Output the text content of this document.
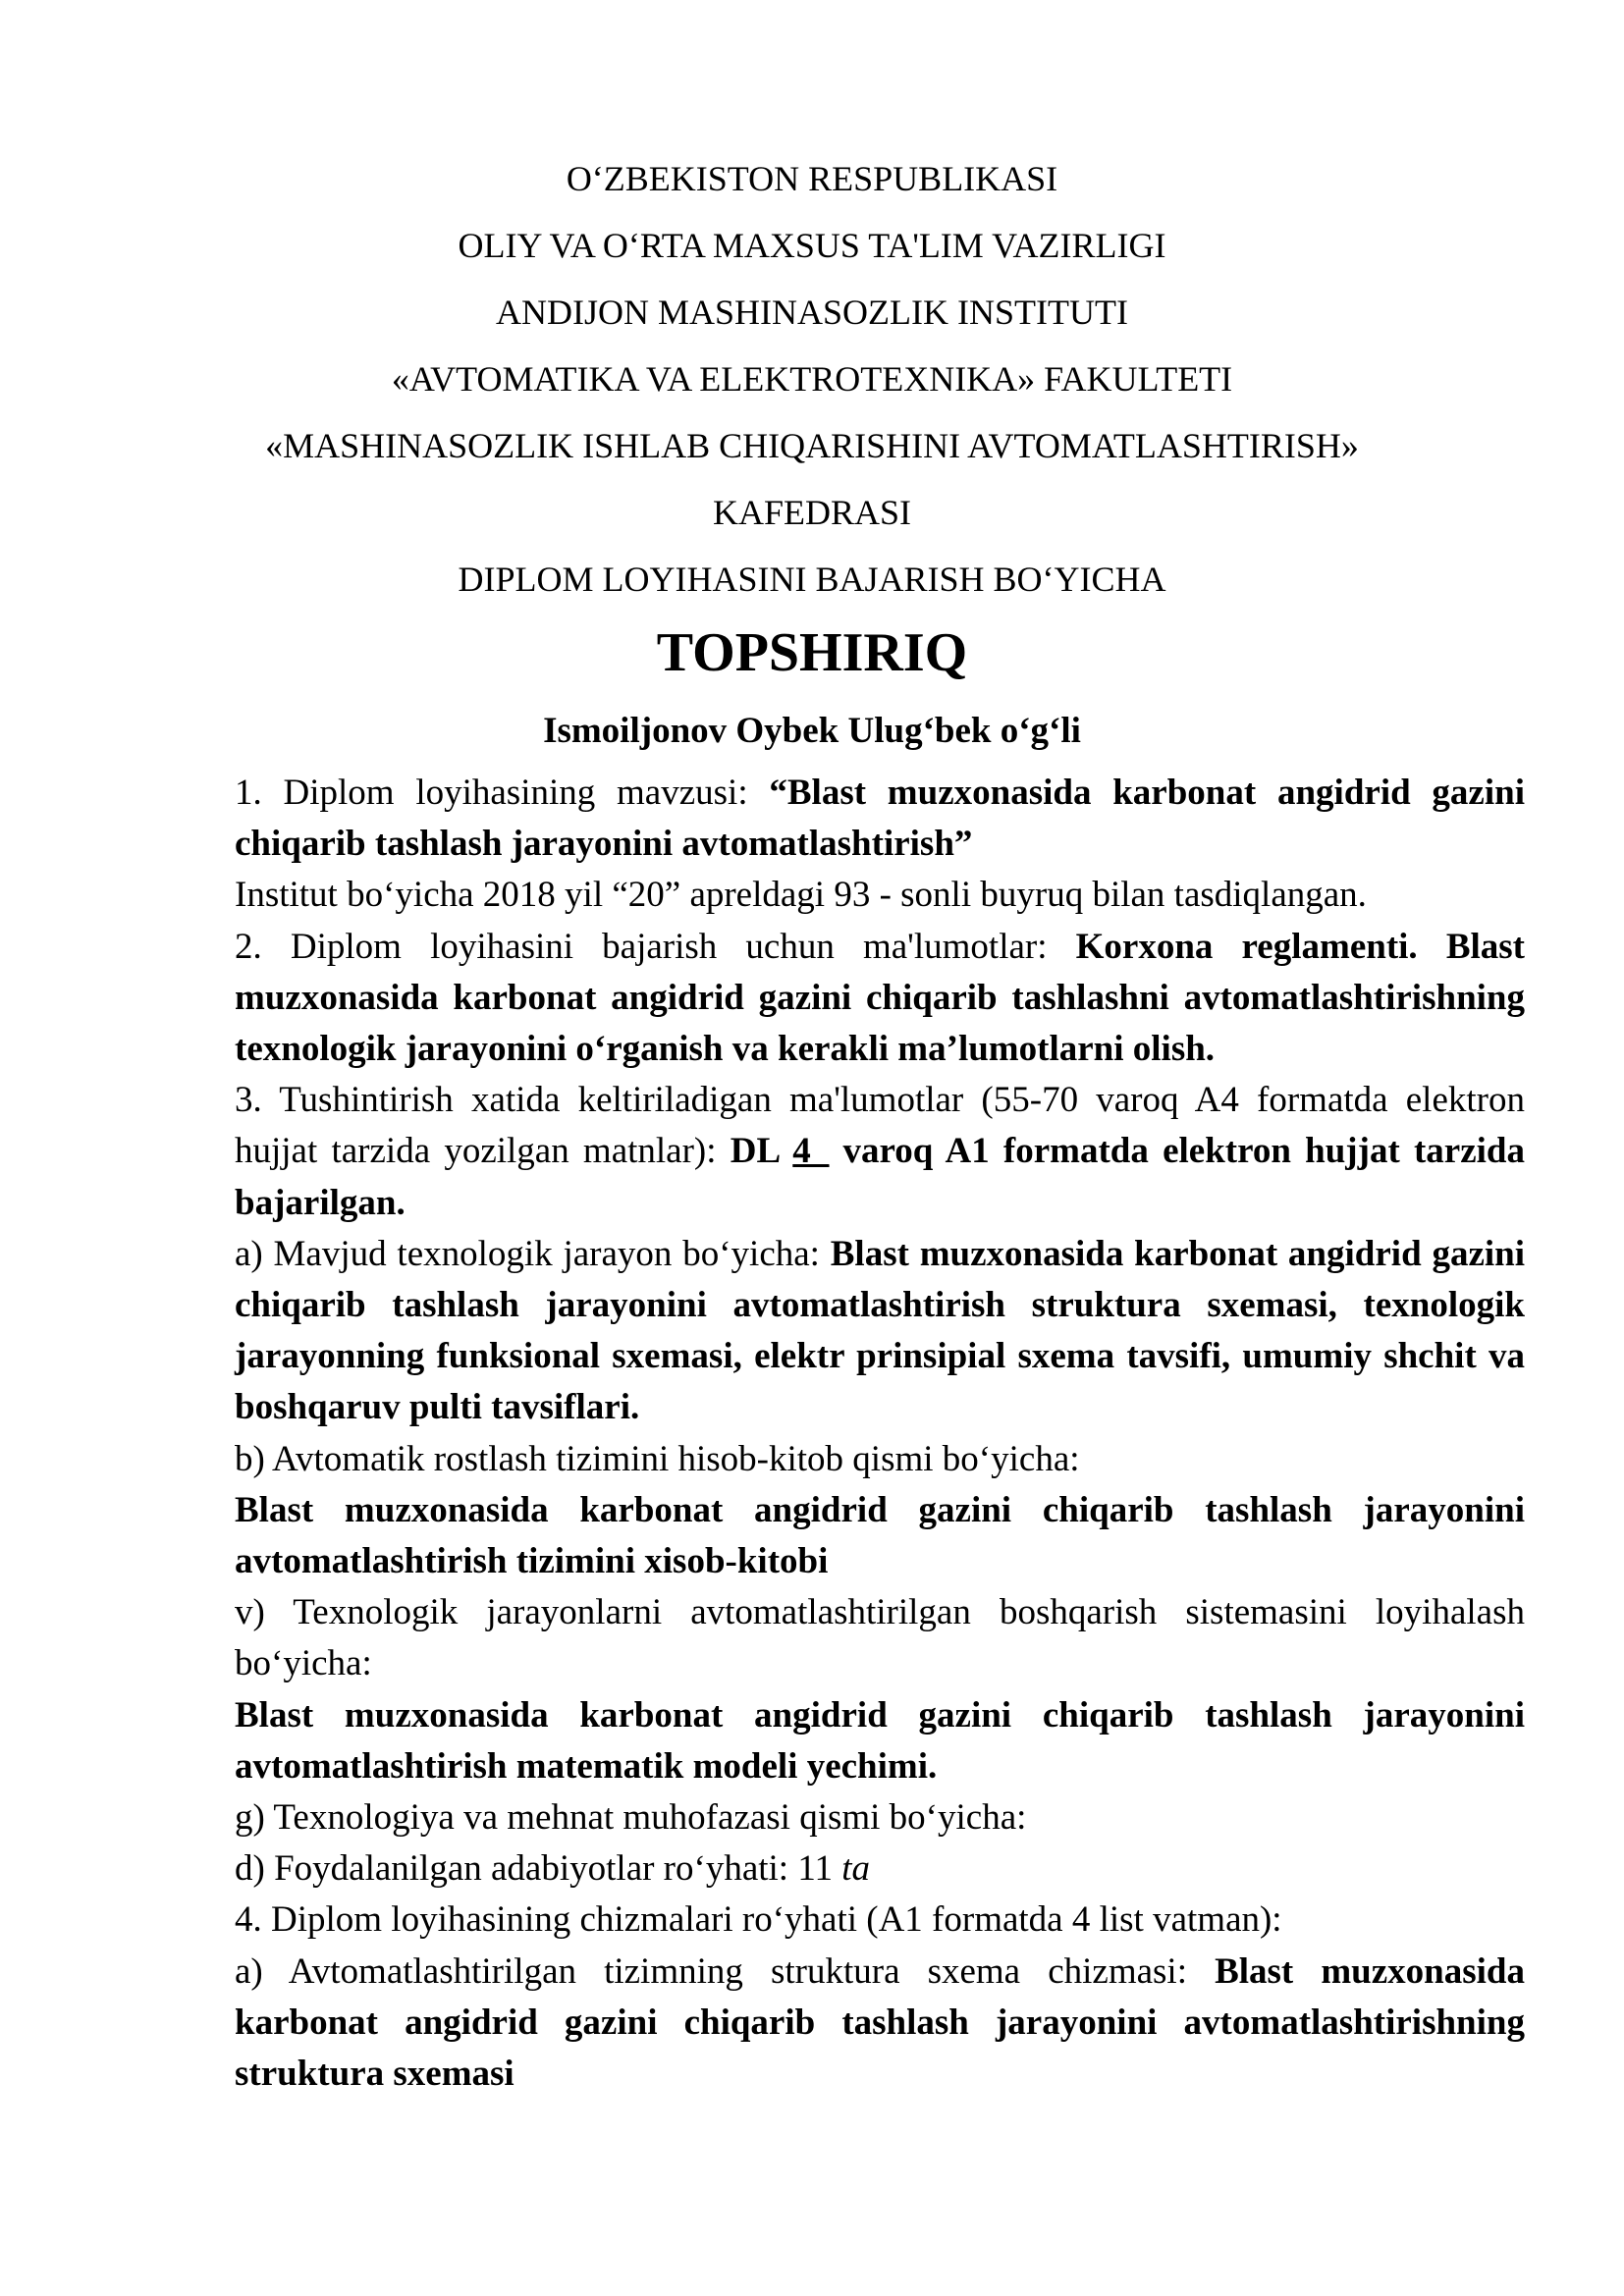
O‘ZBEKISTON RESPUBLIKASI
OLIY VA O‘RTA MAXSUS TA'LIM VAZIRLIGI
ANDIJON MASHINASOZLIK INSTITUTI
«AVTOMATIKA VA ELEKTROTEXNIKA» FAKULTETI
«MASHINASOZLIK ISHLAB CHIQARISHINI AVTOMATLASHTIRISH»
KAFEDRASI
DIPLOM LOYIHASINI BAJARISH BO‘YICHA
TOPSHIRIQ
Ismoiljonov Oybek Ulug‘bek o‘g‘li

1. Diplom loyihasining mavzusi: “Blast muzxonasida karbonat angidrid gazini chiqarib tashlash jarayonini avtomatlashtirish”

Institut bo‘yicha 2018 yil “20” apreldagi 93 - sonli buyruq bilan tasdiqlangan.

2. Diplom loyihasini bajarish uchun ma'lumotlar: Korxona reglamenti. Blast muzxonasida karbonat angidrid gazini chiqarib tashlashni avtomatlashtirishning texnologik jarayonini o‘rganish va kerakli ma’lumotlarni olish.

3. Tushintirish xatida keltiriladigan ma'lumotlar (55-70 varoq A4 formatda elektron hujjat tarzida yozilgan matnlar): DL 4_ varoq A1 formatda elektron hujjat tarzida bajarilgan.

a) Mavjud texnologik jarayon bo‘yicha: Blast muzxonasida karbonat angidrid gazini chiqarib tashlash jarayonini avtomatlashtirish struktura sxemasi, texnologik jarayonning funksional sxemasi, elektr prinsipial sxema tavsifi, umumiy shchit va boshqaruv pulti tavsiflari.

b) Avtomatik rostlash tizimini hisob-kitob qismi bo‘yicha:

Blast muzxonasida karbonat angidrid gazini chiqarib tashlash jarayonini avtomatlashtirish tizimini xisob-kitobi

v) Texnologik jarayonlarni avtomatlashtirilgan boshqarish sistemasini loyihalash bo‘yicha:

Blast muzxonasida karbonat angidrid gazini chiqarib tashlash jarayonini avtomatlashtirish matematik modeli yechimi.

g) Texnologiya va mehnat muhofazasi qismi bo‘yicha:

d) Foydalanilgan adabiyotlar ro‘yhati: 11 ta

4. Diplom loyihasining chizmalari ro‘yhati (A1 formatda 4 list vatman):

a) Avtomatlashtirilgan tizimning struktura sxema chizmasi: Blast muzxonasida karbonat angidrid gazini chiqarib tashlash jarayonini avtomatlashtirishning struktura sxemasi
